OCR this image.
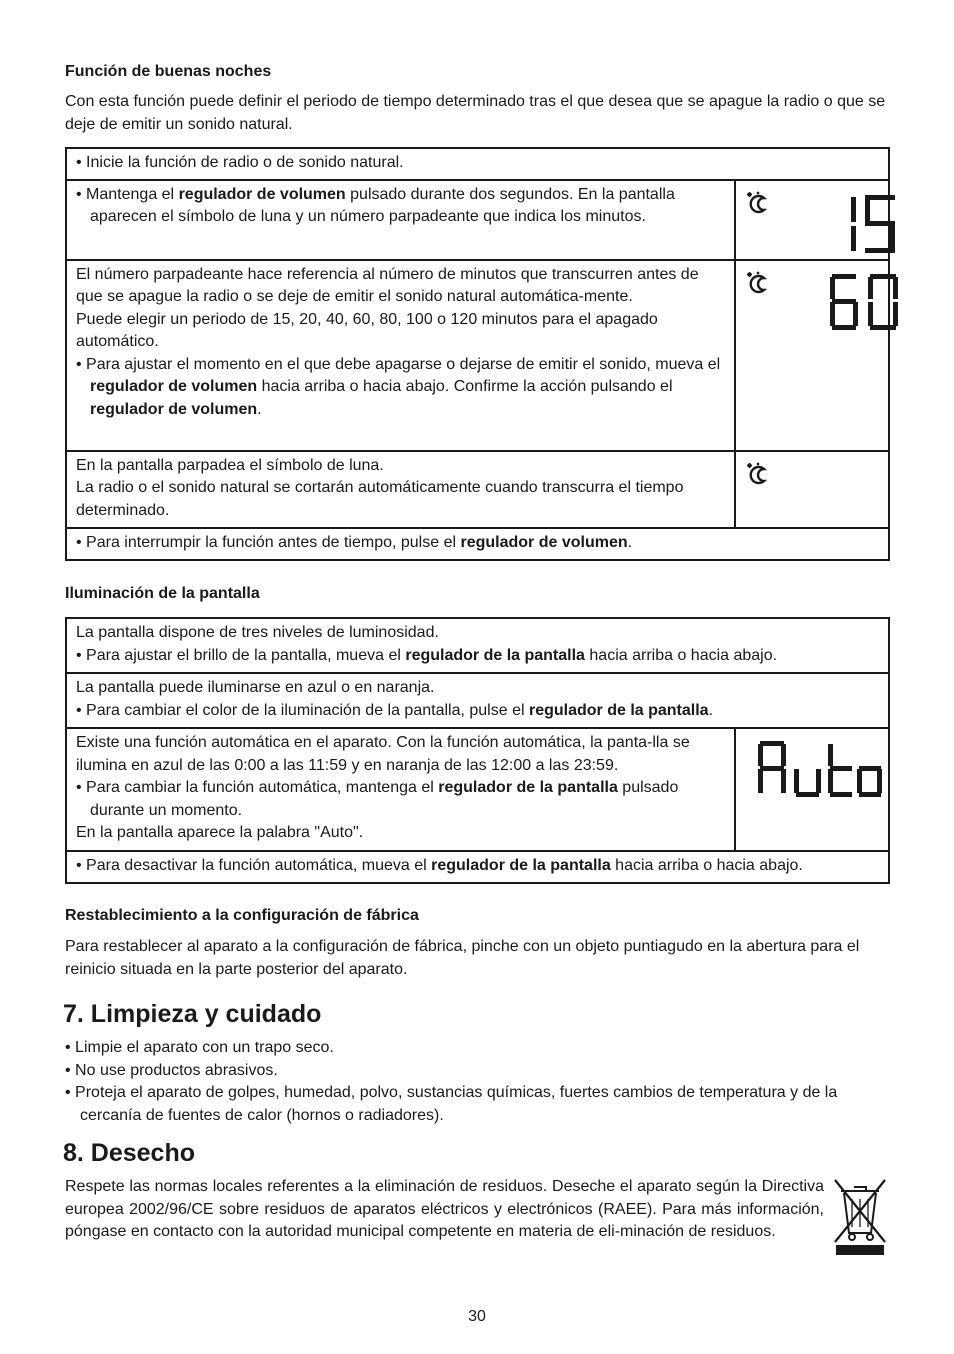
Función de buenas noches
Con esta función puede definir el periodo de tiempo determinado tras el que desea que se apague la radio o que se deje de emitir un sonido natural.
• Inicie la función de radio o de sonido natural.	

• Mantenga el regulador de volumen pulsado durante dos segundos. En la pantalla aparecen el símbolo de luna y un número parpadeante que indica los minutos.

El número parpadeante hace referencia al número de minutos que transcurren antes de que se apague la radio o se deje de emitir el sonido natural automática-mente.
Puede elegir un periodo de 15, 20, 40, 60, 80, 100 o 120 minutos para el apagado automático.
• Para ajustar el momento en el que debe apagarse o dejarse de emitir el sonido, mueva el regulador de volumen hacia arriba o hacia abajo. Confirme la acción pulsando el regulador de volumen.

En la pantalla parpadea el símbolo de luna.
La radio o el sonido natural se cortarán automáticamente cuando transcurra el tiempo determinado.

• Para interrumpir la función antes de tiempo, pulse el regulador de volumen.	
Iluminación de la pantalla
La pantalla dispone de tres niveles de luminosidad.
• Para ajustar el brillo de la pantalla, mueva el regulador de la pantalla hacia arriba o hacia abajo.

La pantalla puede iluminarse en azul o en naranja.
• Para cambiar el color de la iluminación de la pantalla, pulse el regulador de la pantalla.

Existe una función automática en el aparato. Con la función automática, la panta-lla se ilumina en azul de las 0:00 a las 11:59 y en naranja de las 12:00 a las 23:59.
• Para cambiar la función automática, mantenga el regulador de la pantalla pulsado durante un momento.
En la pantalla aparece la palabra "Auto".

• Para desactivar la función automática, mueva el regulador de la pantalla hacia arriba o hacia abajo.
Restablecimiento a la configuración de fábrica
Para restablecer al aparato a la configuración de fábrica, pinche con un objeto puntiagudo en la abertura para el reinicio situada en la parte posterior del aparato.
7. Limpieza y cuidado
• Limpie el aparato con un trapo seco.
• No use productos abrasivos.
• Proteja el aparato de golpes, humedad, polvo, sustancias químicas, fuertes cambios de temperatura y de la cercanía de fuentes de calor (hornos o radiadores).
8. Desecho
Respete las normas locales referentes a la eliminación de residuos. Deseche el aparato según la Directiva europea 2002/96/CE sobre residuos de aparatos eléctricos y electrónicos (RAEE). Para más información, póngase en contacto con la autoridad municipal competente en materia de eli-minación de residuos.
30
